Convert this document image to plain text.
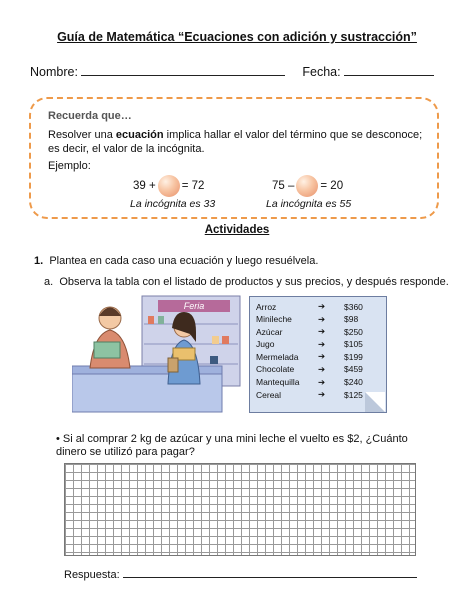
Guía de Matemática “Ecuaciones con adición y sustracción”
Nombre:	Fecha:
Recuerda que…
Resolver una ecuación implica hallar el valor del término que se desconoce; es decir, el valor de la incógnita.
Ejemplo:
39 + = 72
La incógnita es 33
75 – = 20
La incógnita es 55
Actividades
1. Plantea en cada caso una ecuación y luego resuélvela.
a. Observa la tabla con el listado de productos y sus precios, y después responde.
Feria	Arroz	➔	$360
Minileche	➔	$98
Azúcar	➔	$250
Jugo	➔	$105
Mermelada	➔	$199
Chocolate	➔	$459
Mantequilla	➔	$240
Cereal	➔	$125
• Si al comprar 2 kg de azúcar y una mini leche el vuelto es $2, ¿Cuánto dinero se utilizó para pagar?
Respuesta:
